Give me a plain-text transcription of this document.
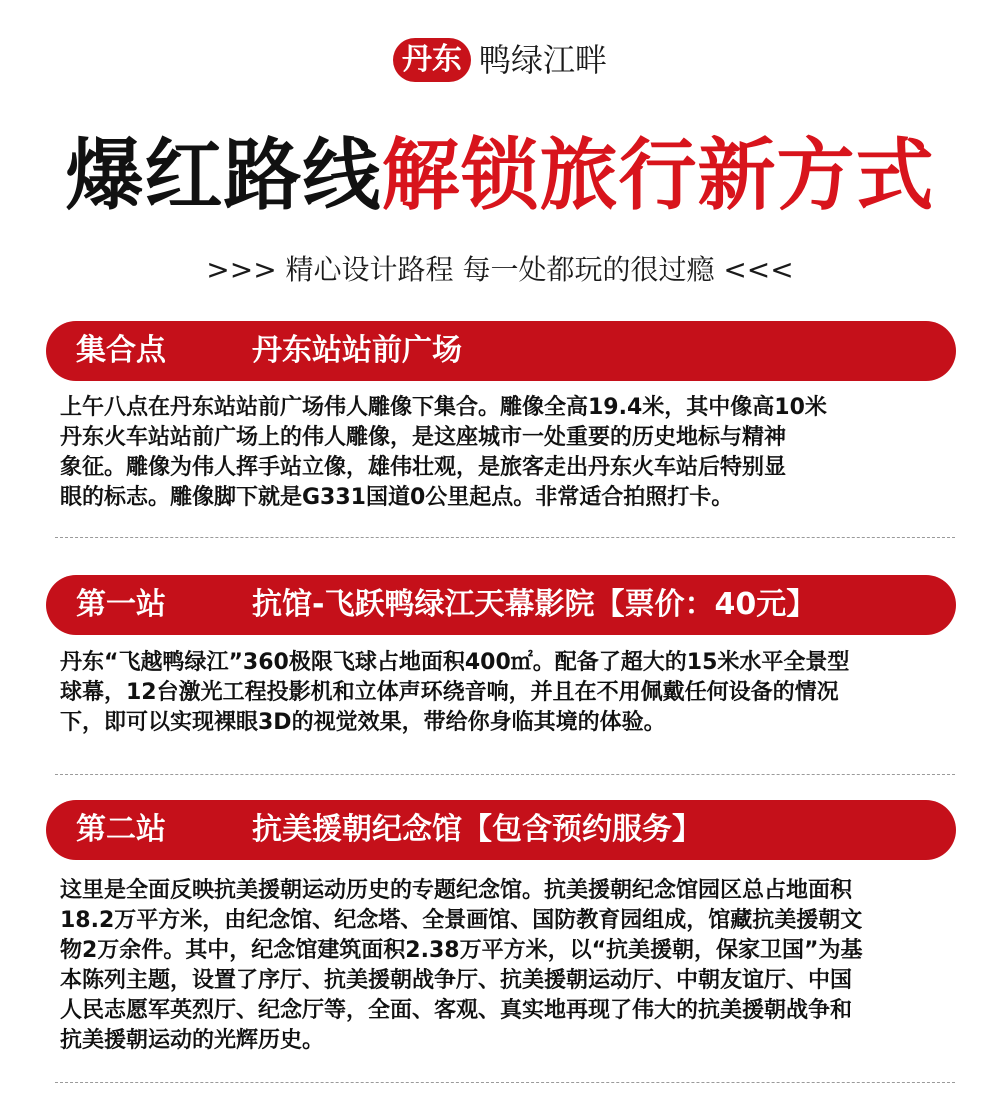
丹东 鸭绿江畔
爆红路线解锁旅行新方式
>>> 精心设计路程 每一处都玩的很过瘾 <<<
集合点	丹东站站前广场
上午八点在丹东站站前广场伟人雕像下集合。雕像全高19.4米，其中像高10米
丹东火车站站前广场上的伟人雕像，是这座城市一处重要的历史地标与精神
象征。雕像为伟人挥手站立像，雄伟壮观，是旅客走出丹东火车站后特别显
眼的标志。雕像脚下就是G331国道0公里起点。非常适合拍照打卡。
第一站	抗馆-飞跃鸭绿江天幕影院【票价：40元】
丹东“飞越鸭绿江”360极限飞球占地面积400㎡。配备了超大的15米水平全景型
球幕，12台激光工程投影机和立体声环绕音响，并且在不用佩戴任何设备的情况
下，即可以实现裸眼3D的视觉效果，带给你身临其境的体验。
第二站	抗美援朝纪念馆【包含预约服务】
这里是全面反映抗美援朝运动历史的专题纪念馆。抗美援朝纪念馆园区总占地面积
18.2万平方米，由纪念馆、纪念塔、全景画馆、国防教育园组成，馆藏抗美援朝文
物2万余件。其中，纪念馆建筑面积2.38万平方米，以“抗美援朝，保家卫国”为基
本陈列主题，设置了序厅、抗美援朝战争厅、抗美援朝运动厅、中朝友谊厅、中国
人民志愿军英烈厅、纪念厅等，全面、客观、真实地再现了伟大的抗美援朝战争和
抗美援朝运动的光辉历史。
